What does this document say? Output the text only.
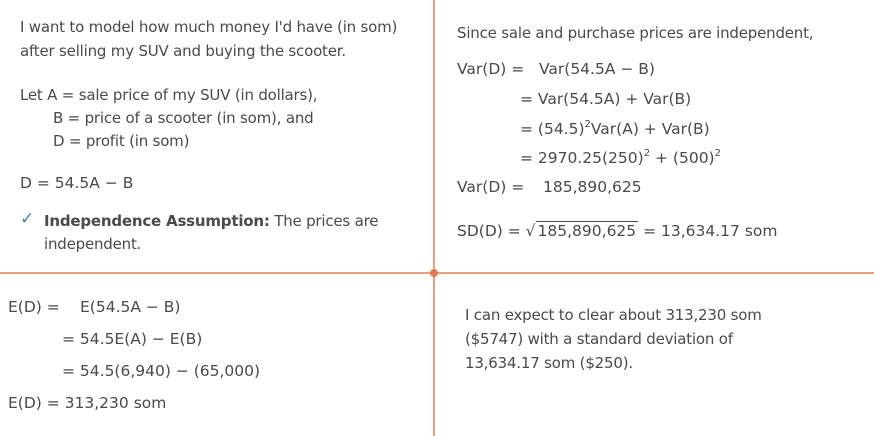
I want to model how much money I'd have (in som)
after selling my SUV and buying the scooter.
Let A = sale price of my SUV (in dollars),
B = price of a scooter (in som), and
D = profit (in som)
D = 54.5A − B
✓ Independence Assumption: The prices are
independent.
Since sale and purchase prices are independent,
Var(D) = Var(54.5A − B)
= Var(54.5A) + Var(B)
= $(54.5)^2Var(A) + Var(B)$
= $2970.25(250)^2 + (500)^2$
Var(D) = 185,890,625
SD(D) = √ 185,890,625 = 13,634.17 som
E(D) = E(54.5A − B)
= 54.5E(A) − E(B)
= 54.5(6,940) − (65,000)
E(D) = 313,230 som
I can expect to clear about 313,230 som
($5747) with a standard deviation of
13,634.17 som ($250).
